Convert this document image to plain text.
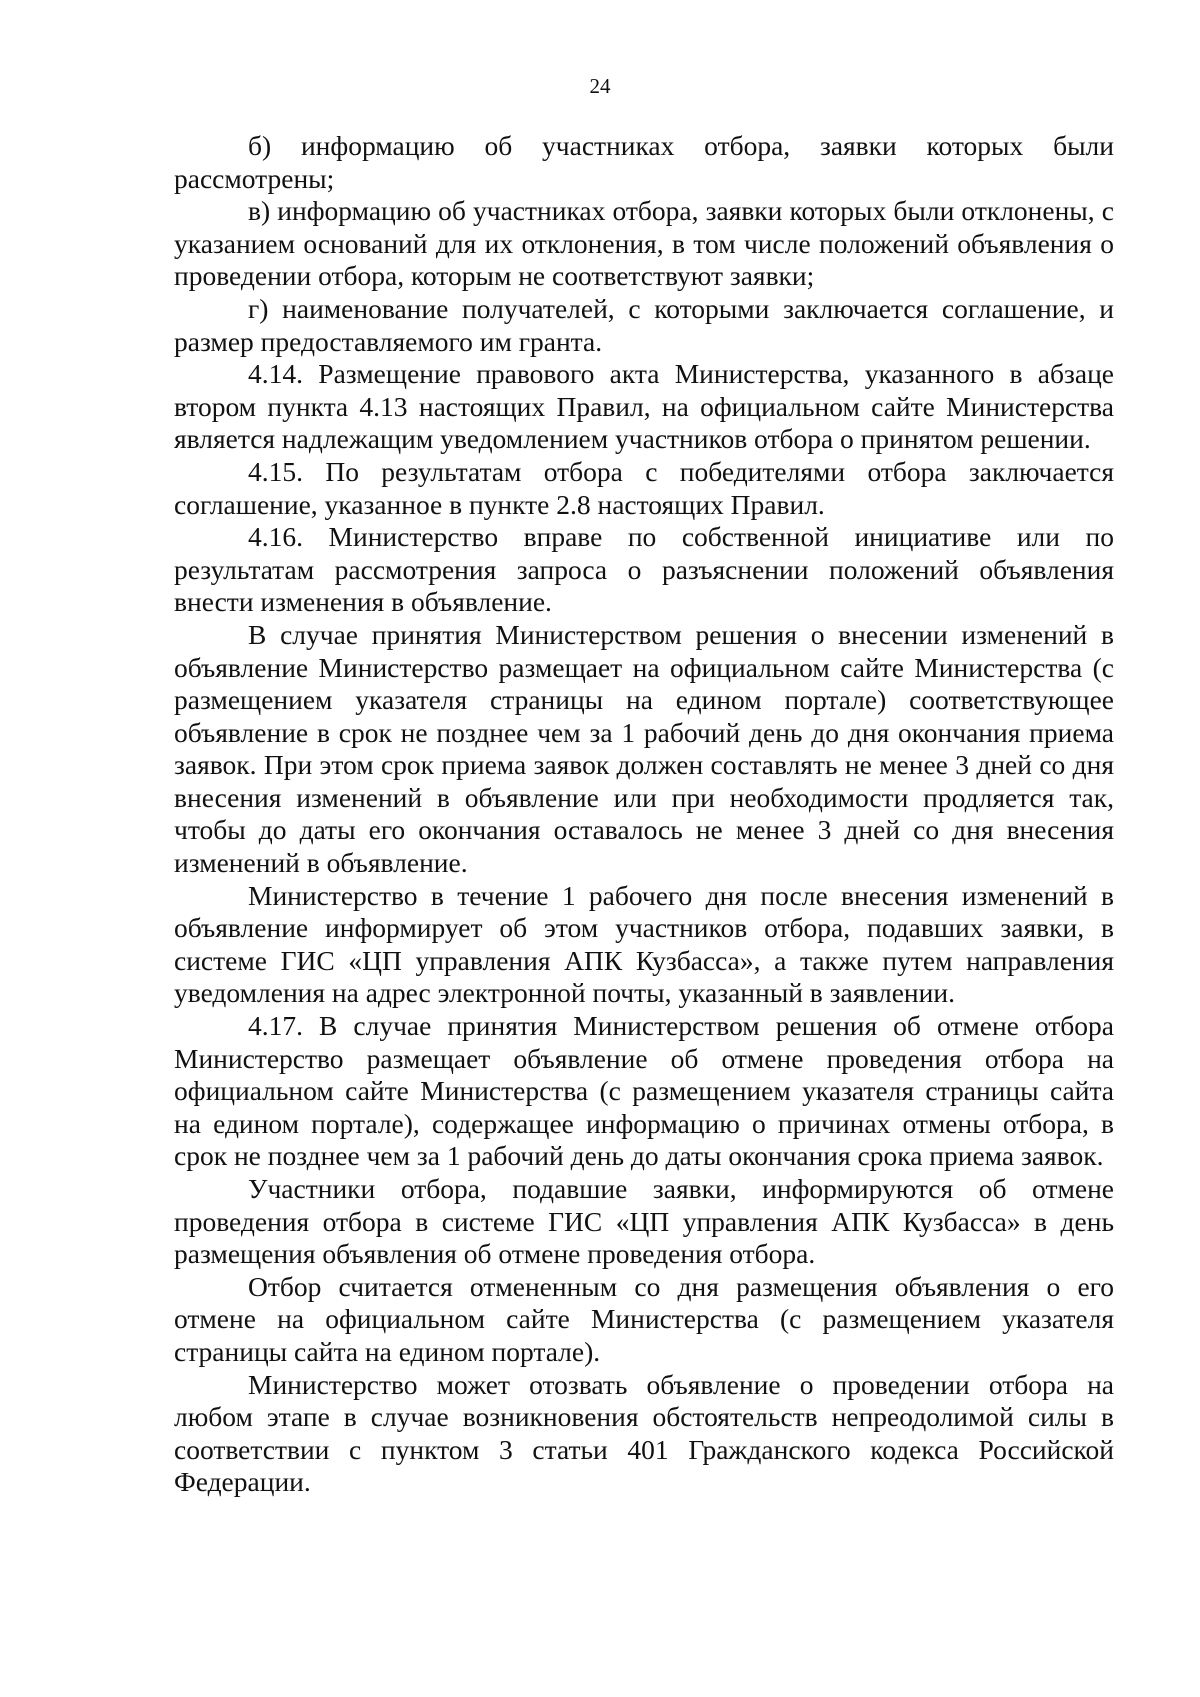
24

б) информацию об участниках отбора, заявки которых были рассмотрены;

в) информацию об участниках отбора, заявки которых были отклонены, с указанием оснований для их отклонения, в том числе положений объявления о проведении отбора, которым не соответствуют заявки;

г) наименование получателей, с которыми заключается соглашение, и размер предоставляемого им гранта.

4.14. Размещение правового акта Министерства, указанного в абзаце втором пункта 4.13 настоящих Правил, на официальном сайте Министерства является надлежащим уведомлением участников отбора о принятом решении.

4.15. По результатам отбора с победителями отбора заключается соглашение, указанное в пункте 2.8 настоящих Правил.

4.16. Министерство вправе по собственной инициативе или по результатам рассмотрения запроса о разъяснении положений объявления внести изменения в объявление.

В случае принятия Министерством решения о внесении изменений в объявление Министерство размещает на официальном сайте Министерства (с размещением указателя страницы на едином портале) соответствующее объявление в срок не позднее чем за 1 рабочий день до дня окончания приема заявок. При этом срок приема заявок должен составлять не менее 3 дней со дня внесения изменений в объявление или при необходимости продляется так, чтобы до даты его окончания оставалось не менее 3 дней со дня внесения изменений в объявление.

Министерство в течение 1 рабочего дня после внесения изменений в объявление информирует об этом участников отбора, подавших заявки, в системе ГИС «ЦП управления АПК Кузбасса», а также путем направления уведомления на адрес электронной почты, указанный в заявлении.

4.17. В случае принятия Министерством решения об отмене отбора Министерство размещает объявление об отмене проведения отбора на официальном сайте Министерства (с размещением указателя страницы сайта на едином портале), содержащее информацию о причинах отмены отбора, в срок не позднее чем за 1 рабочий день до даты окончания срока приема заявок.

Участники отбора, подавшие заявки, информируются об отмене проведения отбора в системе ГИС «ЦП управления АПК Кузбасса» в день размещения объявления об отмене проведения отбора.

Отбор считается отмененным со дня размещения объявления о его отмене на официальном сайте Министерства (с размещением указателя страницы сайта на едином портале).

Министерство может отозвать объявление о проведении отбора на любом этапе в случае возникновения обстоятельств непреодолимой силы в соответствии с пунктом 3 статьи 401 Гражданского кодекса Российской Федерации.
